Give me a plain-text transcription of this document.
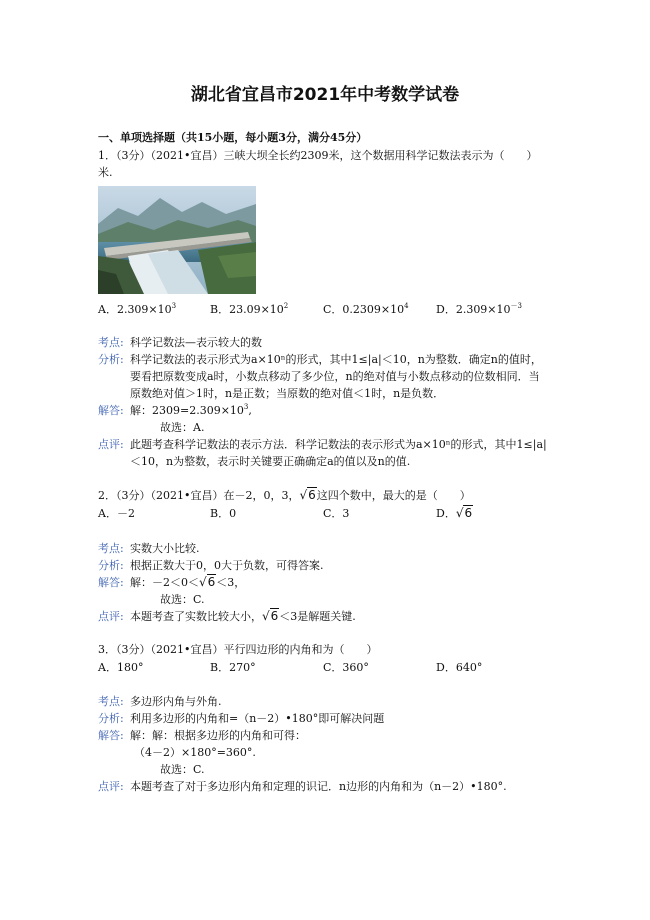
湖北省宜昌市2021年中考数学试卷
一、单项选择题（共15小题，每小题3分，满分45分）
1．（3分）（2021•宜昌）三峡大坝全长约2309米，这个数据用科学记数法表示为（　　）
米.
A．$2.309\times 10^3$	B．$23.09\times 10^2$	C．$0.2309\times 10^4$ D．$2.309\times 10^{-3}$
考点: 科学记数法—表示较大的数
分析: 科学记数法的表示形式为a×10ⁿ的形式，其中1≤|a|＜10，n为整数．确定n的值时，
要看把原数变成a时，小数点移动了多少位，n的绝对值与小数点移动的位数相同．当
原数绝对值＞1时，n是正数；当原数的绝对值＜1时，n是负数．
解答: 解：$2309=2.309\times 10^3$,
故选：A.
点评: 此题考查科学记数法的表示方法．科学记数法的表示形式为a×10ⁿ的形式，其中1≤|a|
＜10，n为整数，表示时关键要正确确定a的值以及n的值.
2．（3分）（2021•宜昌）在－2，0，3，√6这四个数中，最大的是（　　）
A．－2	B．0	C．3	D．√6
考点: 实数大小比较.
分析: 根据正数大于0，0大于负数，可得答案.
解答: 解：－2＜0＜√6＜3，
故选：C.
点评: 本题考查了实数比较大小，√6＜3是解题关键.
3．（3分）（2021•宜昌）平行四边形的内角和为（　　）
A．180°	B．270°	C．360°	D．640°
考点: 多边形内角与外角.
分析: 利用多边形的内角和=（n－2）•180°即可解决问题
解答: 解：解：根据多边形的内角和可得：
（4－2）×180°=360°.
故选：C.
点评: 本题考查了对于多边形内角和定理的识记．n边形的内角和为（n－2）•180°.
